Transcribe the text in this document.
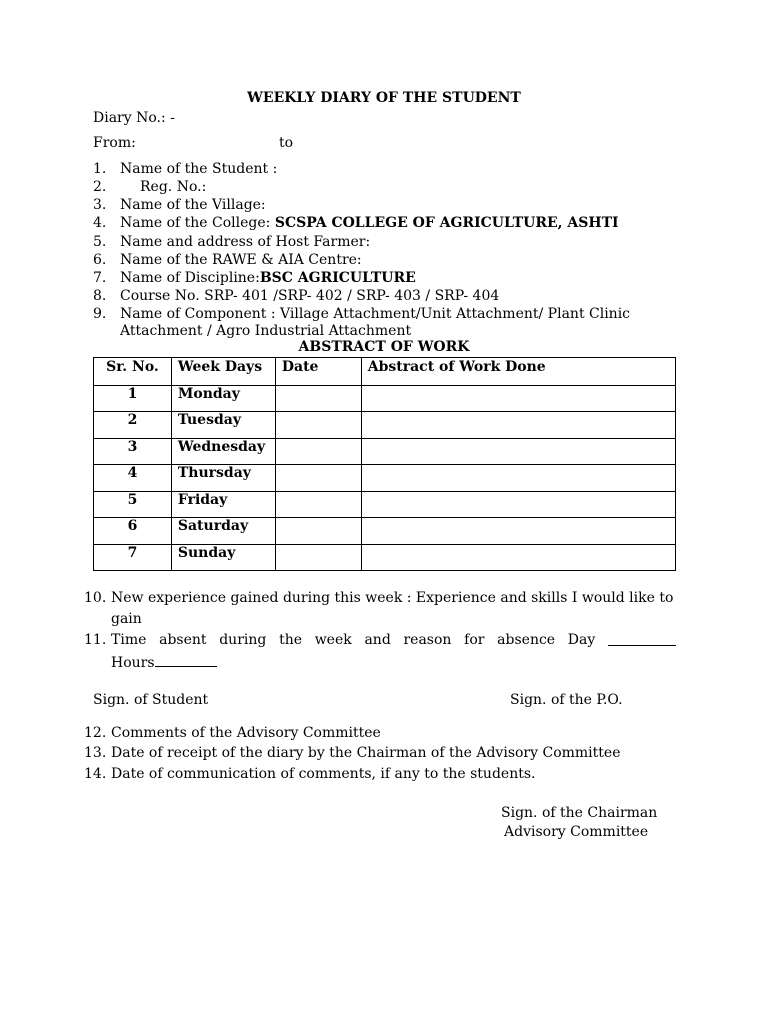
WEEKLY DIARY OF THE STUDENT
Diary No.: -
From:	to
1. Name of the Student :
2. Reg. No.:
3. Name of the Village:
4. Name of the College: SCSPA COLLEGE OF AGRICULTURE, ASHTI
5. Name and address of Host Farmer:
6. Name of the RAWE & AIA Centre:
7. Name of Discipline:BSC AGRICULTURE
8. Course No. SRP- 401 /SRP- 402 / SRP- 403 / SRP- 404
9. Name of Component : Village Attachment/Unit Attachment/ Plant Clinic
Attachment / Agro Industrial Attachment
ABSTRACT OF WORK
Sr. No.	Week Days	Date	Abstract of Work Done
1	Monday		
2	Tuesday		
3	Wednesday		
4	Thursday		
5	Friday		
6	Saturday		
7	Sunday		
10. New experience gained during this week : Experience and skills I would like to
gain
11. Time absent during the week and reason for absence Day
Hours
Sign. of Student	Sign. of the P.O.
12. Comments of the Advisory Committee
13. Date of receipt of the diary by the Chairman of the Advisory Committee
14. Date of communication of comments, if any to the students.
Sign. of the Chairman
Advisory Committee
